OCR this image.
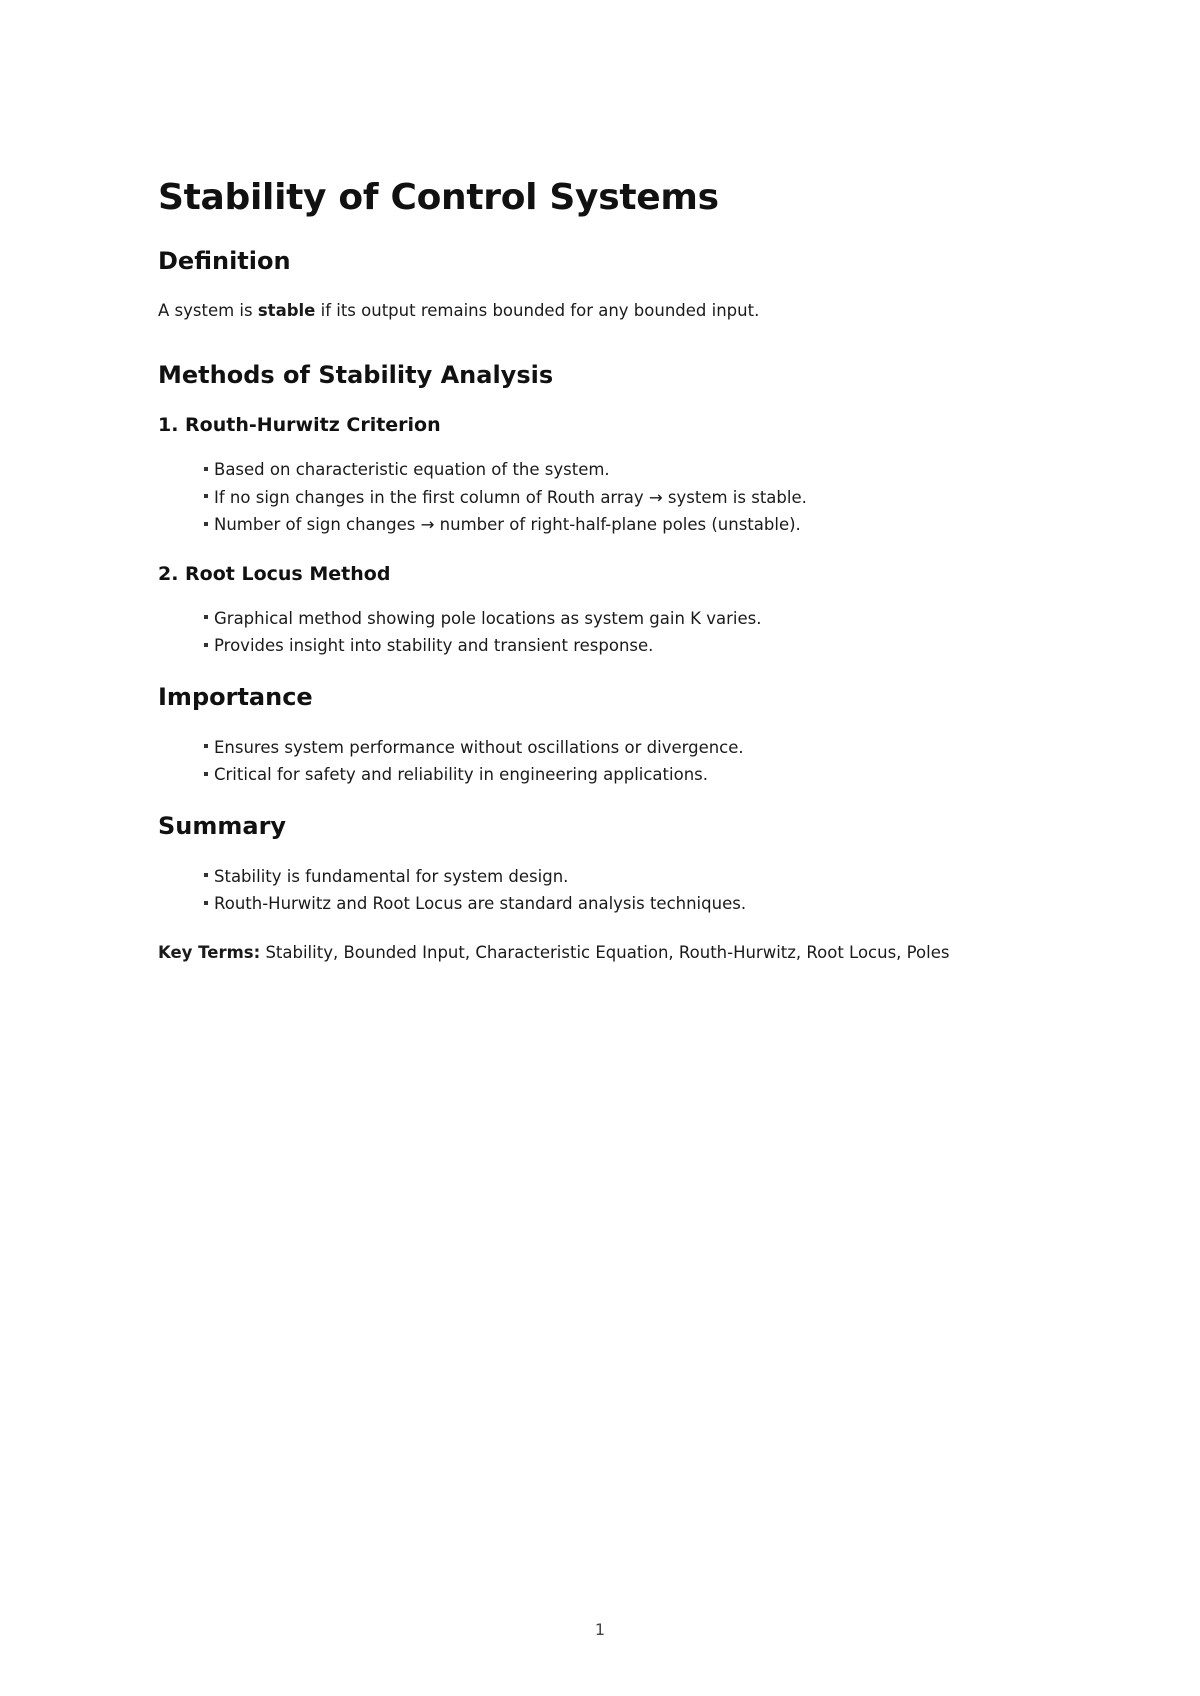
Stability of Control Systems
Definition

A system is stable if its output remains bounded for any bounded input.

Methods of Stability Analysis
1. Routh-Hurwitz Criterion
Based on characteristic equation of the system.
If no sign changes in the first column of Routh array → system is stable.
Number of sign changes → number of right-half-plane poles (unstable).
2. Root Locus Method
Graphical method showing pole locations as system gain K varies.
Provides insight into stability and transient response.
Importance
Ensures system performance without oscillations or divergence.
Critical for safety and reliability in engineering applications.
Summary
Stability is fundamental for system design.
Routh-Hurwitz and Root Locus are standard analysis techniques.

Key Terms: Stability, Bounded Input, Characteristic Equation, Routh-Hurwitz, Root Locus, Poles

1
